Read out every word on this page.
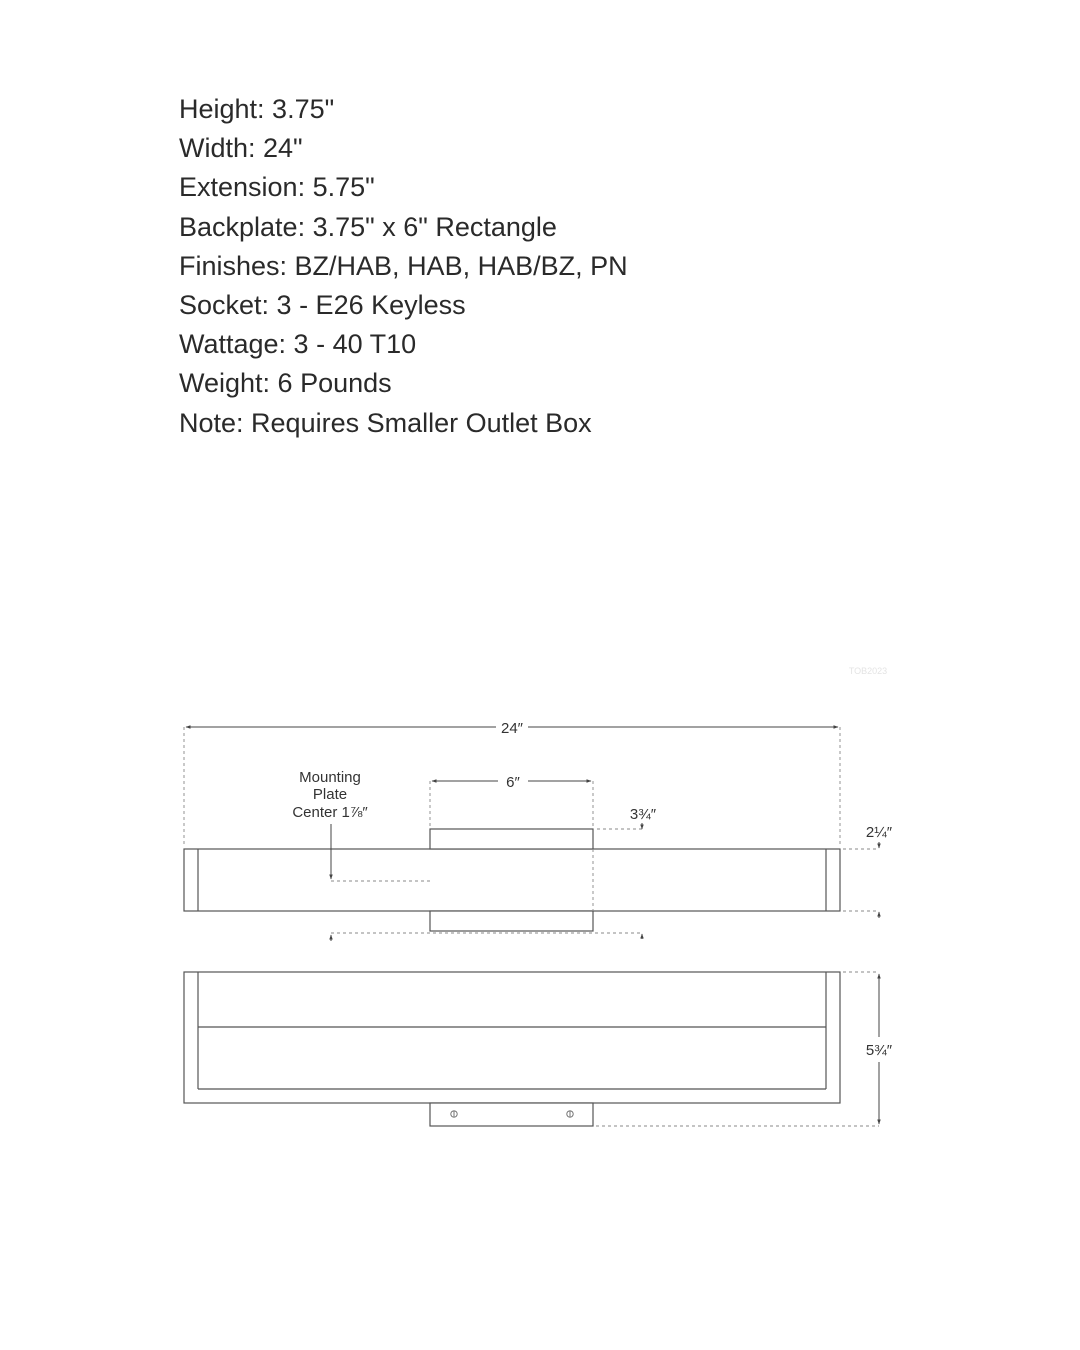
Height: 3.75"
Width: 24"
Extension: 5.75"
Backplate: 3.75" x 6" Rectangle
Finishes: BZ/HAB, HAB, HAB/BZ, PN
Socket: 3 - E26 Keyless
Wattage: 3 - 40 T10
Weight: 6 Pounds
Note: Requires Smaller Outlet Box
TOB2023
24″
6″
Mounting
Plate
Center 1⅞″	3¾″
2¼″
5¾″
